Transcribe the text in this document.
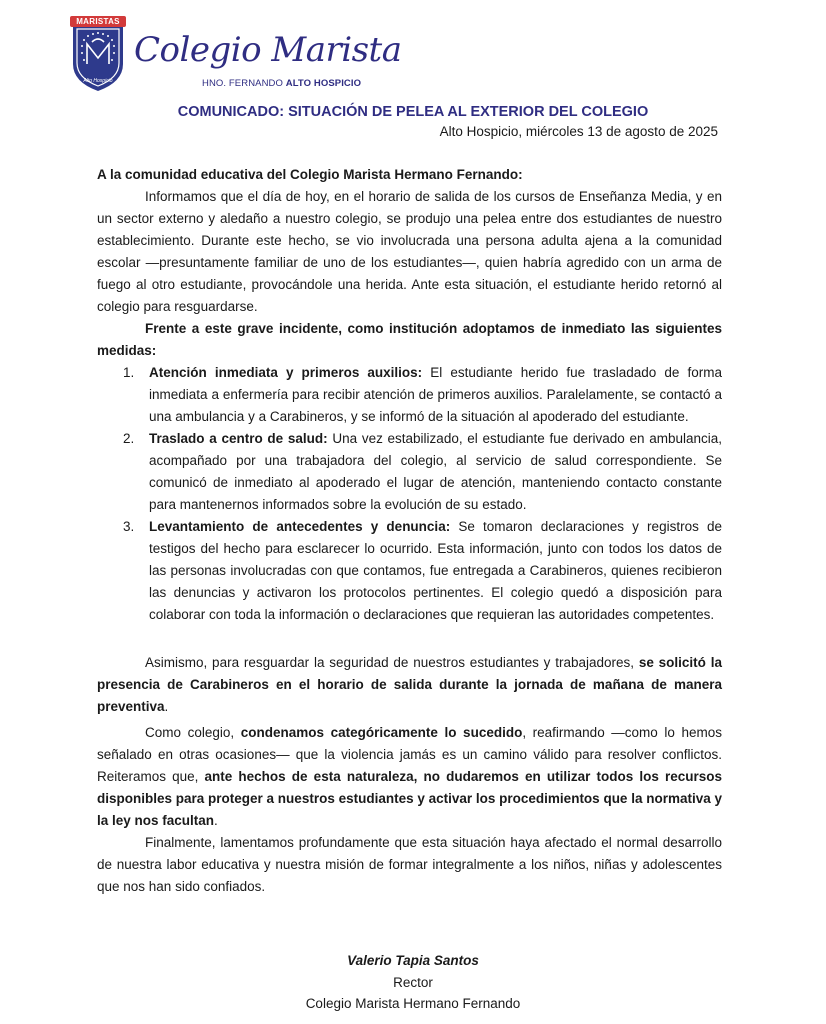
MARISTAS
Alto Hospicio
Colegio Marista
HNO. FERNANDO ALTO HOSPICIO
COMUNICADO: SITUACIÓN DE PELEA AL EXTERIOR DEL COLEGIO
Alto Hospicio, miércoles 13 de agosto de 2025

A la comunidad educativa del Colegio Marista Hermano Fernando:

Informamos que el día de hoy, en el horario de salida de los cursos de Enseñanza Media, y en un sector externo y aledaño a nuestro colegio, se produjo una pelea entre dos estudiantes de nuestro establecimiento. Durante este hecho, se vio involucrada una persona adulta ajena a la comunidad escolar —presuntamente familiar de uno de los estudiantes—, quien habría agredido con un arma de fuego al otro estudiante, provocándole una herida. Ante esta situación, el estudiante herido retornó al colegio para resguardarse.

Frente a este grave incidente, como institución adoptamos de inmediato las siguientes medidas:

1. Atención inmediata y primeros auxilios: El estudiante herido fue trasladado de forma inmediata a enfermería para recibir atención de primeros auxilios. Paralelamente, se contactó a una ambulancia y a Carabineros, y se informó de la situación al apoderado del estudiante.
2. Traslado a centro de salud: Una vez estabilizado, el estudiante fue derivado en ambulancia, acompañado por una trabajadora del colegio, al servicio de salud correspondiente. Se comunicó de inmediato al apoderado el lugar de atención, manteniendo contacto constante para mantenernos informados sobre la evolución de su estado.
3. Levantamiento de antecedentes y denuncia: Se tomaron declaraciones y registros de testigos del hecho para esclarecer lo ocurrido. Esta información, junto con todos los datos de las personas involucradas con que contamos, fue entregada a Carabineros, quienes recibieron las denuncias y activaron los protocolos pertinentes. El colegio quedó a disposición para colaborar con toda la información o declaraciones que requieran las autoridades competentes.

Asimismo, para resguardar la seguridad de nuestros estudiantes y trabajadores, se solicitó la presencia de Carabineros en el horario de salida durante la jornada de mañana de manera preventiva.

Como colegio, condenamos categóricamente lo sucedido, reafirmando —como lo hemos señalado en otras ocasiones— que la violencia jamás es un camino válido para resolver conflictos. Reiteramos que, ante hechos de esta naturaleza, no dudaremos en utilizar todos los recursos disponibles para proteger a nuestros estudiantes y activar los procedimientos que la normativa y la ley nos facultan.

Finalmente, lamentamos profundamente que esta situación haya afectado el normal desarrollo de nuestra labor educativa y nuestra misión de formar integralmente a los niños, niñas y adolescentes que nos han sido confiados.

Valerio Tapia Santos
Rector
Colegio Marista Hermano Fernando
